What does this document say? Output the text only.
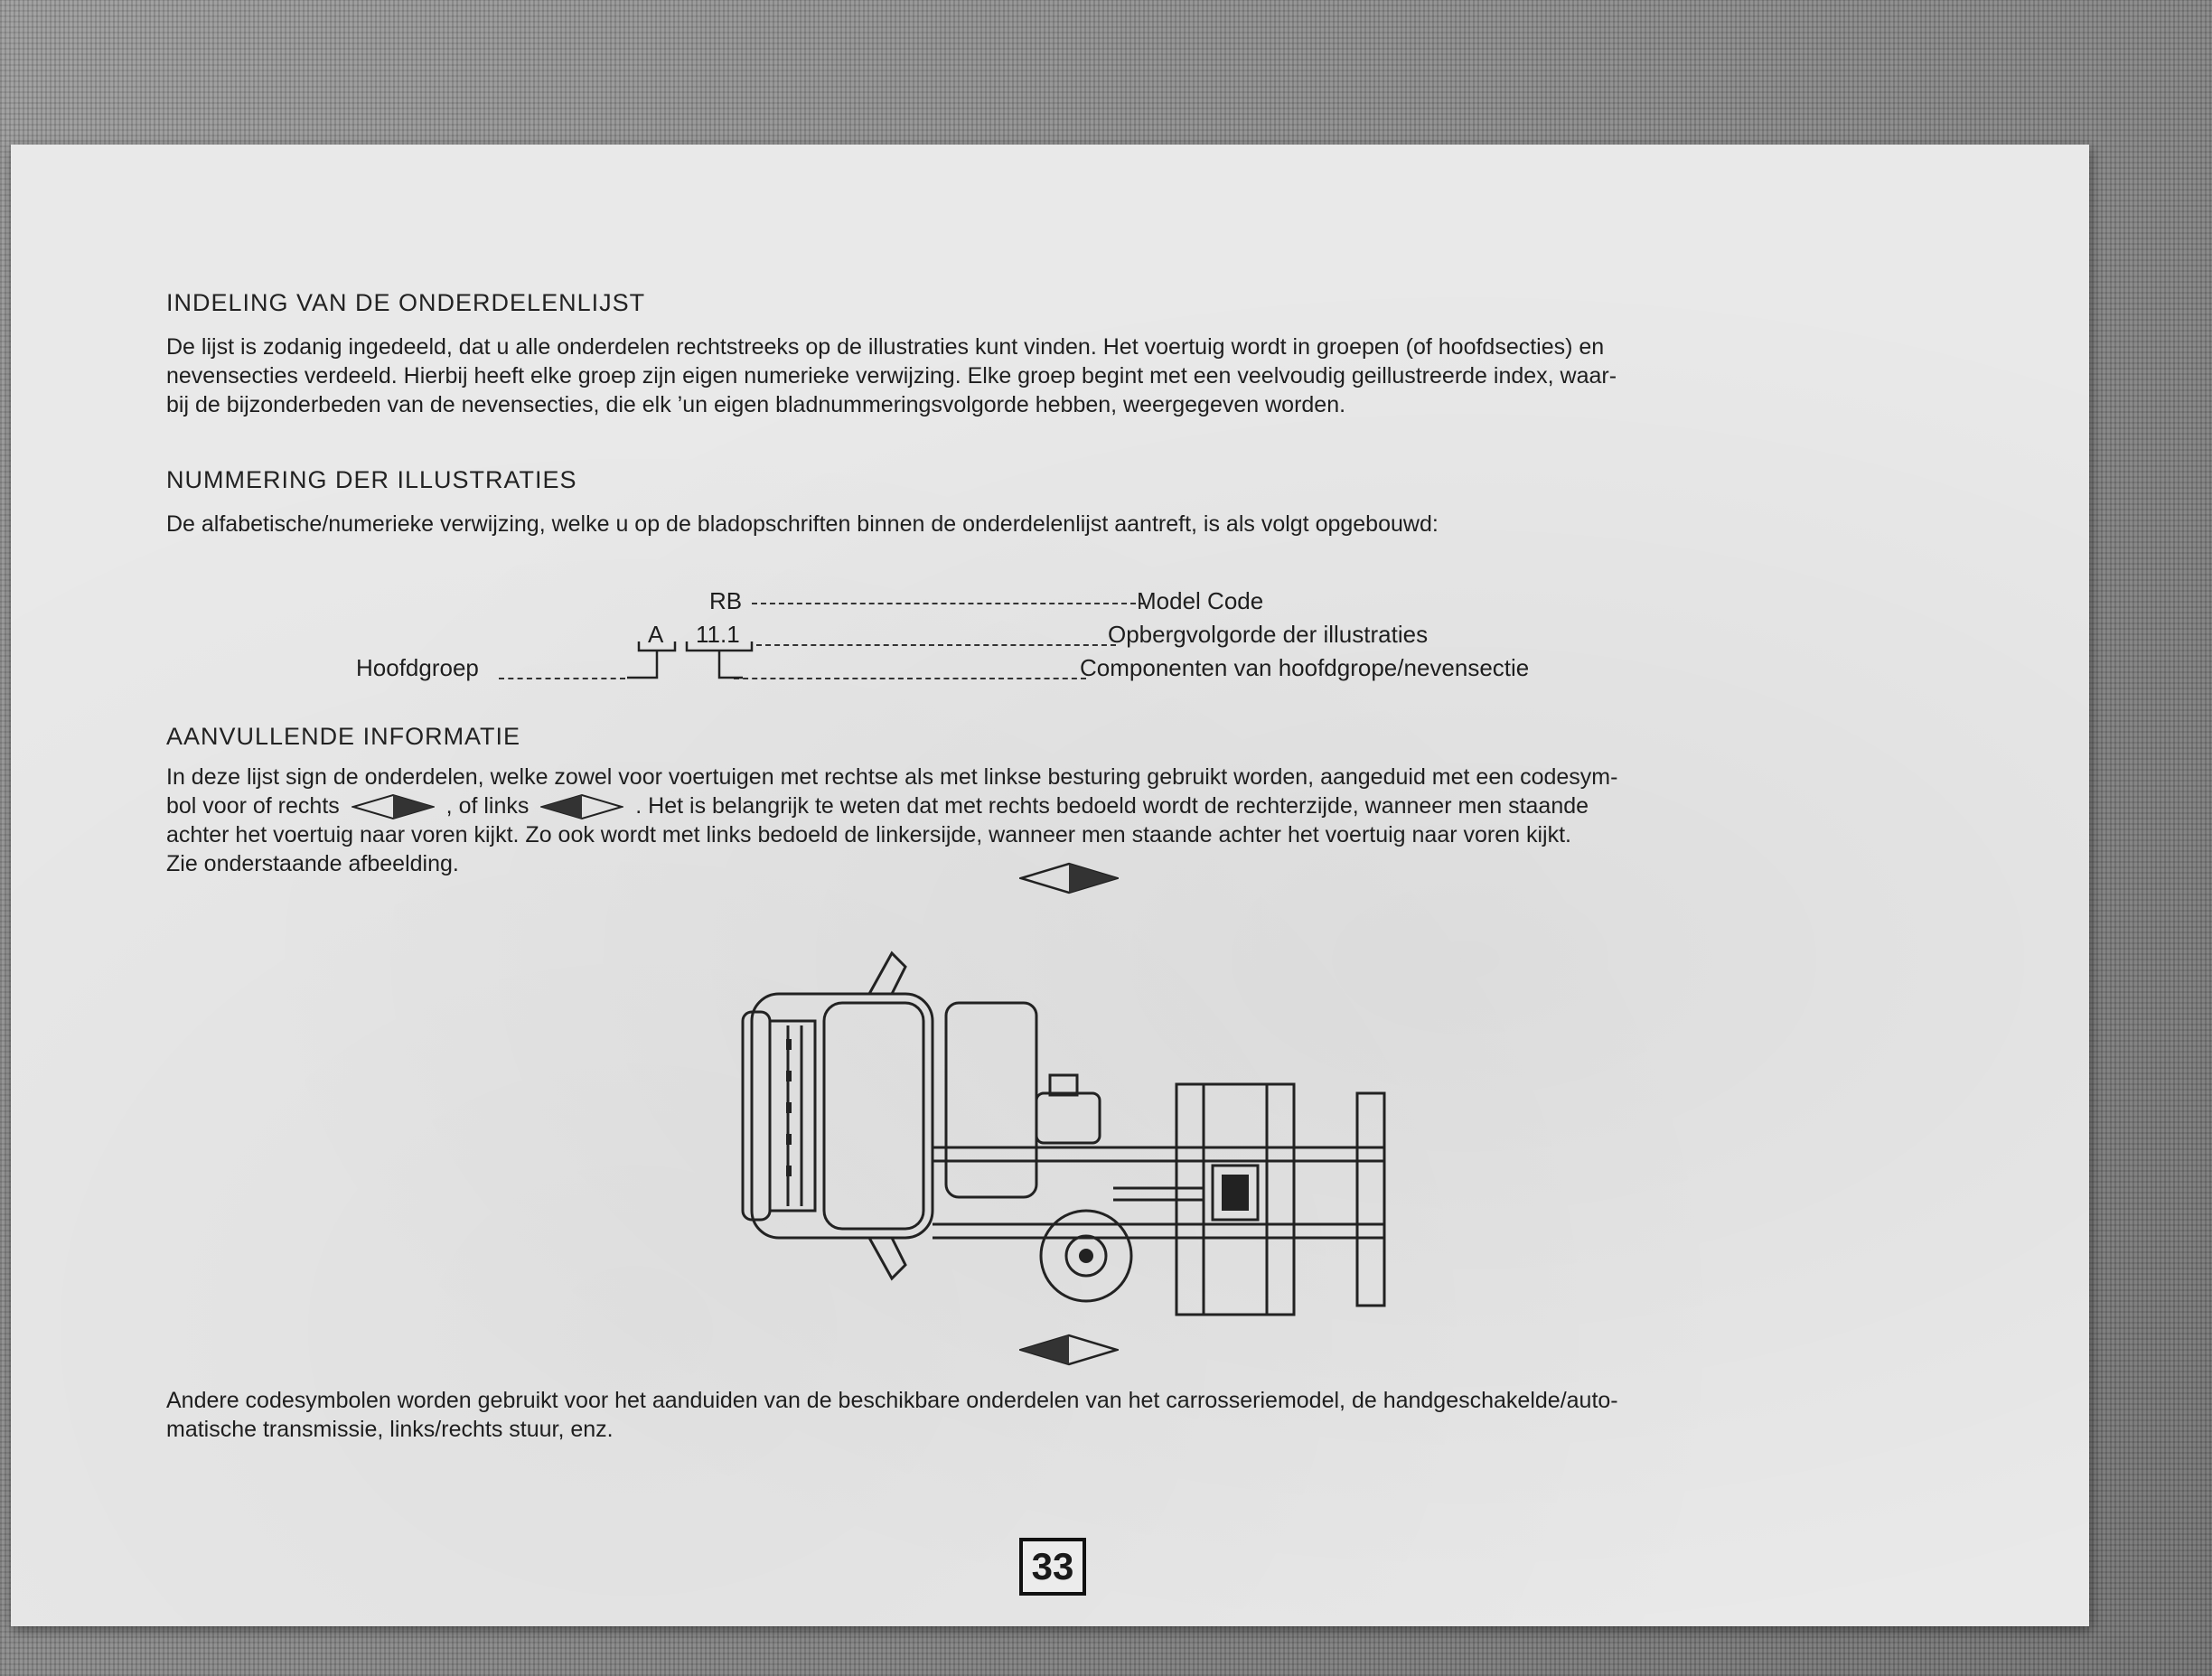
INDELING VAN DE ONDERDELENLIJST
De lijst is zodanig ingedeeld, dat u alle onderdelen rechtstreeks op de illustraties kunt vinden. Het voertuig wordt in groepen (of hoofdsecties) en
nevensecties verdeeld. Hierbij heeft elke groep zijn eigen numerieke verwijzing. Elke groep begint met een veelvoudig geillustreerde index, waar-
bij de bijzonderbeden van de nevensecties, die elk ’un eigen bladnummeringsvolgorde hebben, weergegeven worden.
NUMMERING DER ILLUSTRATIES
De alfabetische/numerieke verwijzing, welke u op de bladopschriften binnen de onderdelenlijst aantreft, is als volgt opgebouwd:
RB	Model Code
A 11.1	Opbergvolgorde der illustraties
Hoofdgroep	Componenten van hoofdgrope/nevensectie
AANVULLENDE INFORMATIE
In deze lijst sign de onderdelen, welke zowel voor voertuigen met rechtse als met linkse besturing gebruikt worden, aangeduid met een codesym-
bol voor of rechts	, of links	. Het is belangrijk te weten dat met rechts bedoeld wordt de rechterzijde, wanneer men staande
achter het voertuig naar voren kijkt. Zo ook wordt met links bedoeld de linkersijde, wanneer men staande achter het voertuig naar voren kijkt.
Zie onderstaande afbeelding.
Andere codesymbolen worden gebruikt voor het aanduiden van de beschikbare onderdelen van het carrosseriemodel, de handgeschakelde/auto-
matische transmissie, links/rechts stuur, enz.
33
